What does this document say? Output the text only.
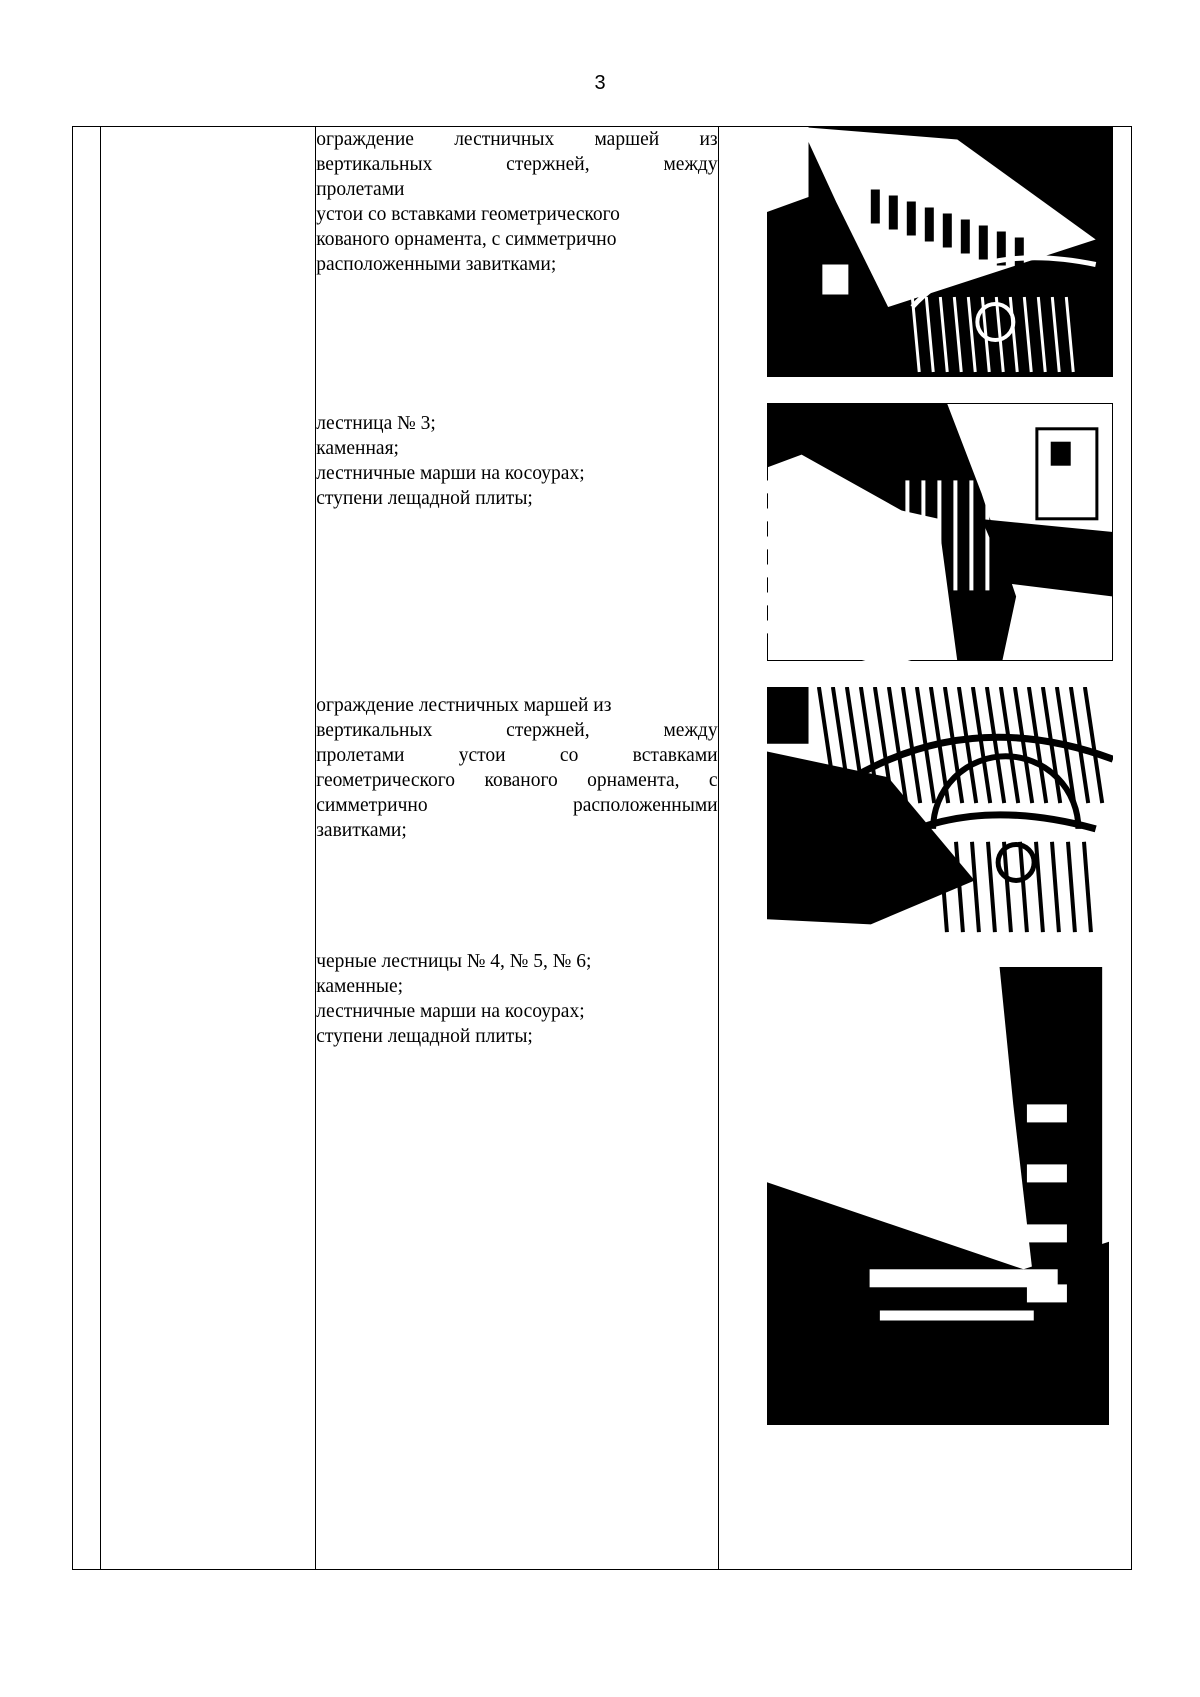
3

ограждение лестничных маршей из

вертикальных стержней, между

пролетами

устои со вставками геометрического

кованого орнамента, с симметрично

расположенными завитками;

лестница № 3;

каменная;

лестничные марши на косоурах;

ступени лещадной плиты;

ограждение лестничных маршей из

вертикальных стержней, между

пролетами устои со вставками

геометрического кованого орнамента, с

симметрично расположенными

завитками;

черные лестницы № 4, № 5, № 6;

каменные;

лестничные марши на косоурах;

ступени лещадной плиты;
